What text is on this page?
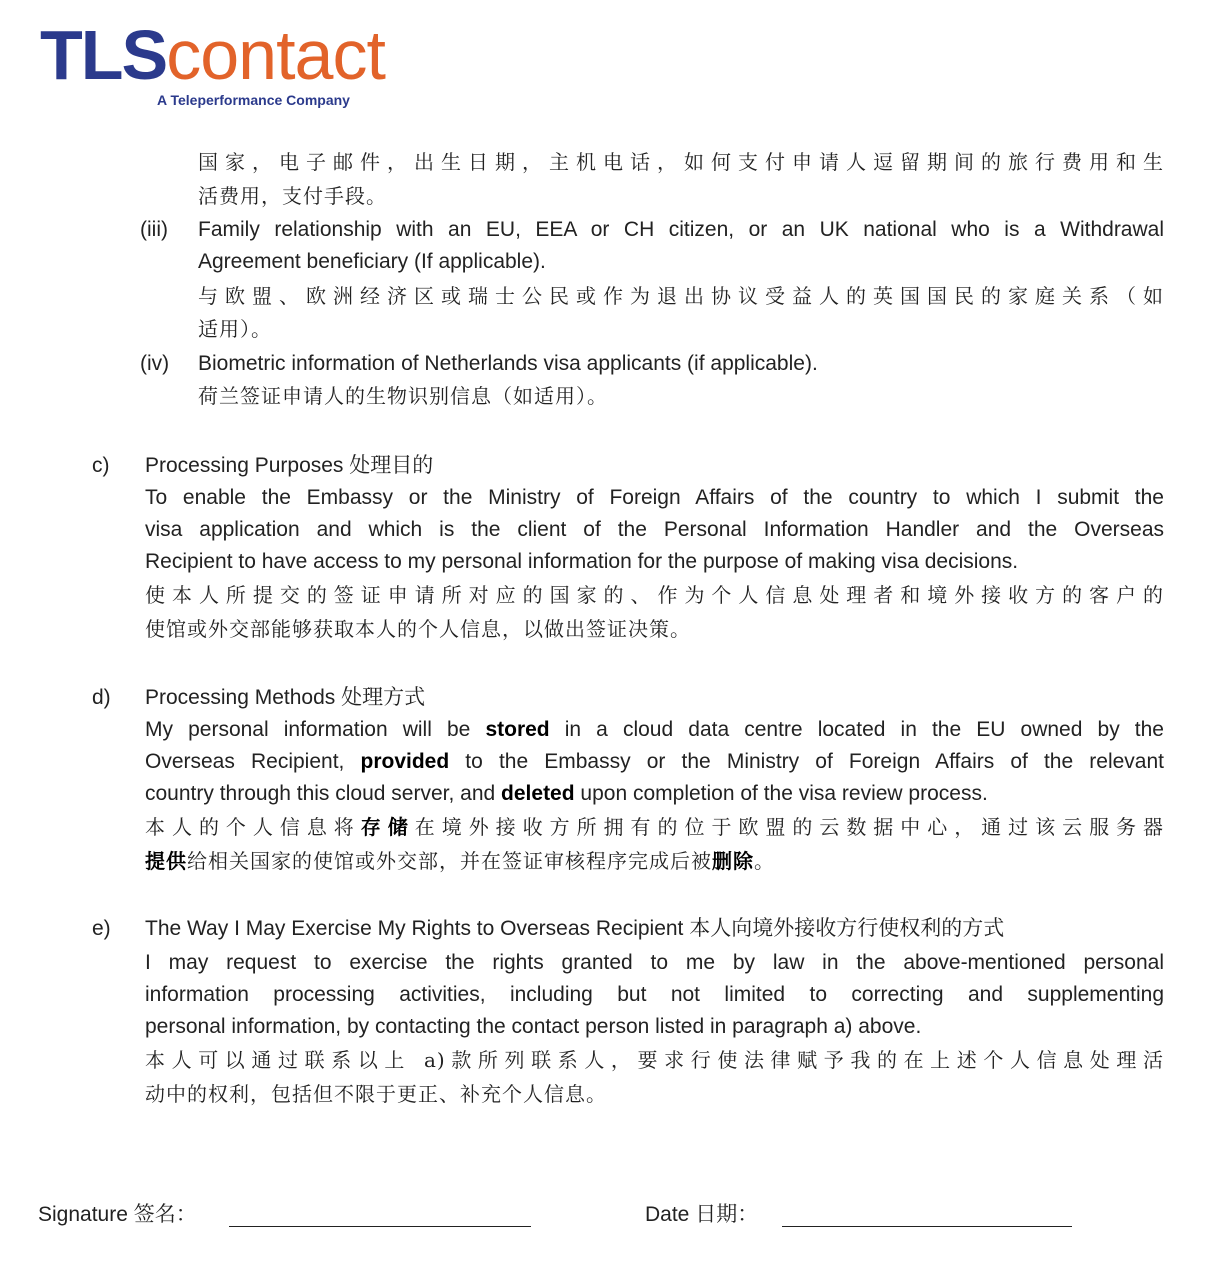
TLScontact
A Teleperformance Company
国家，电子邮件，出生日期，主机电话，如何支付申请人逗留期间的旅行费用和生
活费用，支付手段。
(iii) Family relationship with an EU, EEA or CH citizen, or an UK national who is a Withdrawal
Agreement beneficiary (If applicable).
与欧盟、欧洲经济区或瑞士公民或作为退出协议受益人的英国国民的家庭关系（如
适用）。
(iv) Biometric information of Netherlands visa applicants (if applicable).
荷兰签证申请人的生物识别信息（如适用）。
c) Processing Purposes 处理目的
To enable the Embassy or the Ministry of Foreign Affairs of the country to which I submit the
visa application and which is the client of the Personal Information Handler and the Overseas
Recipient to have access to my personal information for the purpose of making visa decisions.
使本人所提交的签证申请所对应的国家的、作为个人信息处理者和境外接收方的客户的
使馆或外交部能够获取本人的个人信息，以做出签证决策。
d) Processing Methods 处理方式
My personal information will be stored in a cloud data centre located in the EU owned by the
Overseas Recipient, provided to the Embassy or the Ministry of Foreign Affairs of the relevant
country through this cloud server, and deleted upon completion of the visa review process.
本人的个人信息将存储在境外接收方所拥有的位于欧盟的云数据中心，通过该云服务器
提供给相关国家的使馆或外交部，并在签证审核程序完成后被删除。
e) The Way I May Exercise My Rights to Overseas Recipient 本人向境外接收方行使权利的方式
I may request to exercise the rights granted to me by law in the above-mentioned personal
information processing activities, including but not limited to correcting and supplementing
personal information, by contacting the contact person listed in paragraph a) above.
本人可以通过联系以上 a)款所列联系人，要求行使法律赋予我的在上述个人信息处理活
动中的权利，包括但不限于更正、补充个人信息。
Signature 签名：	Date 日期：
